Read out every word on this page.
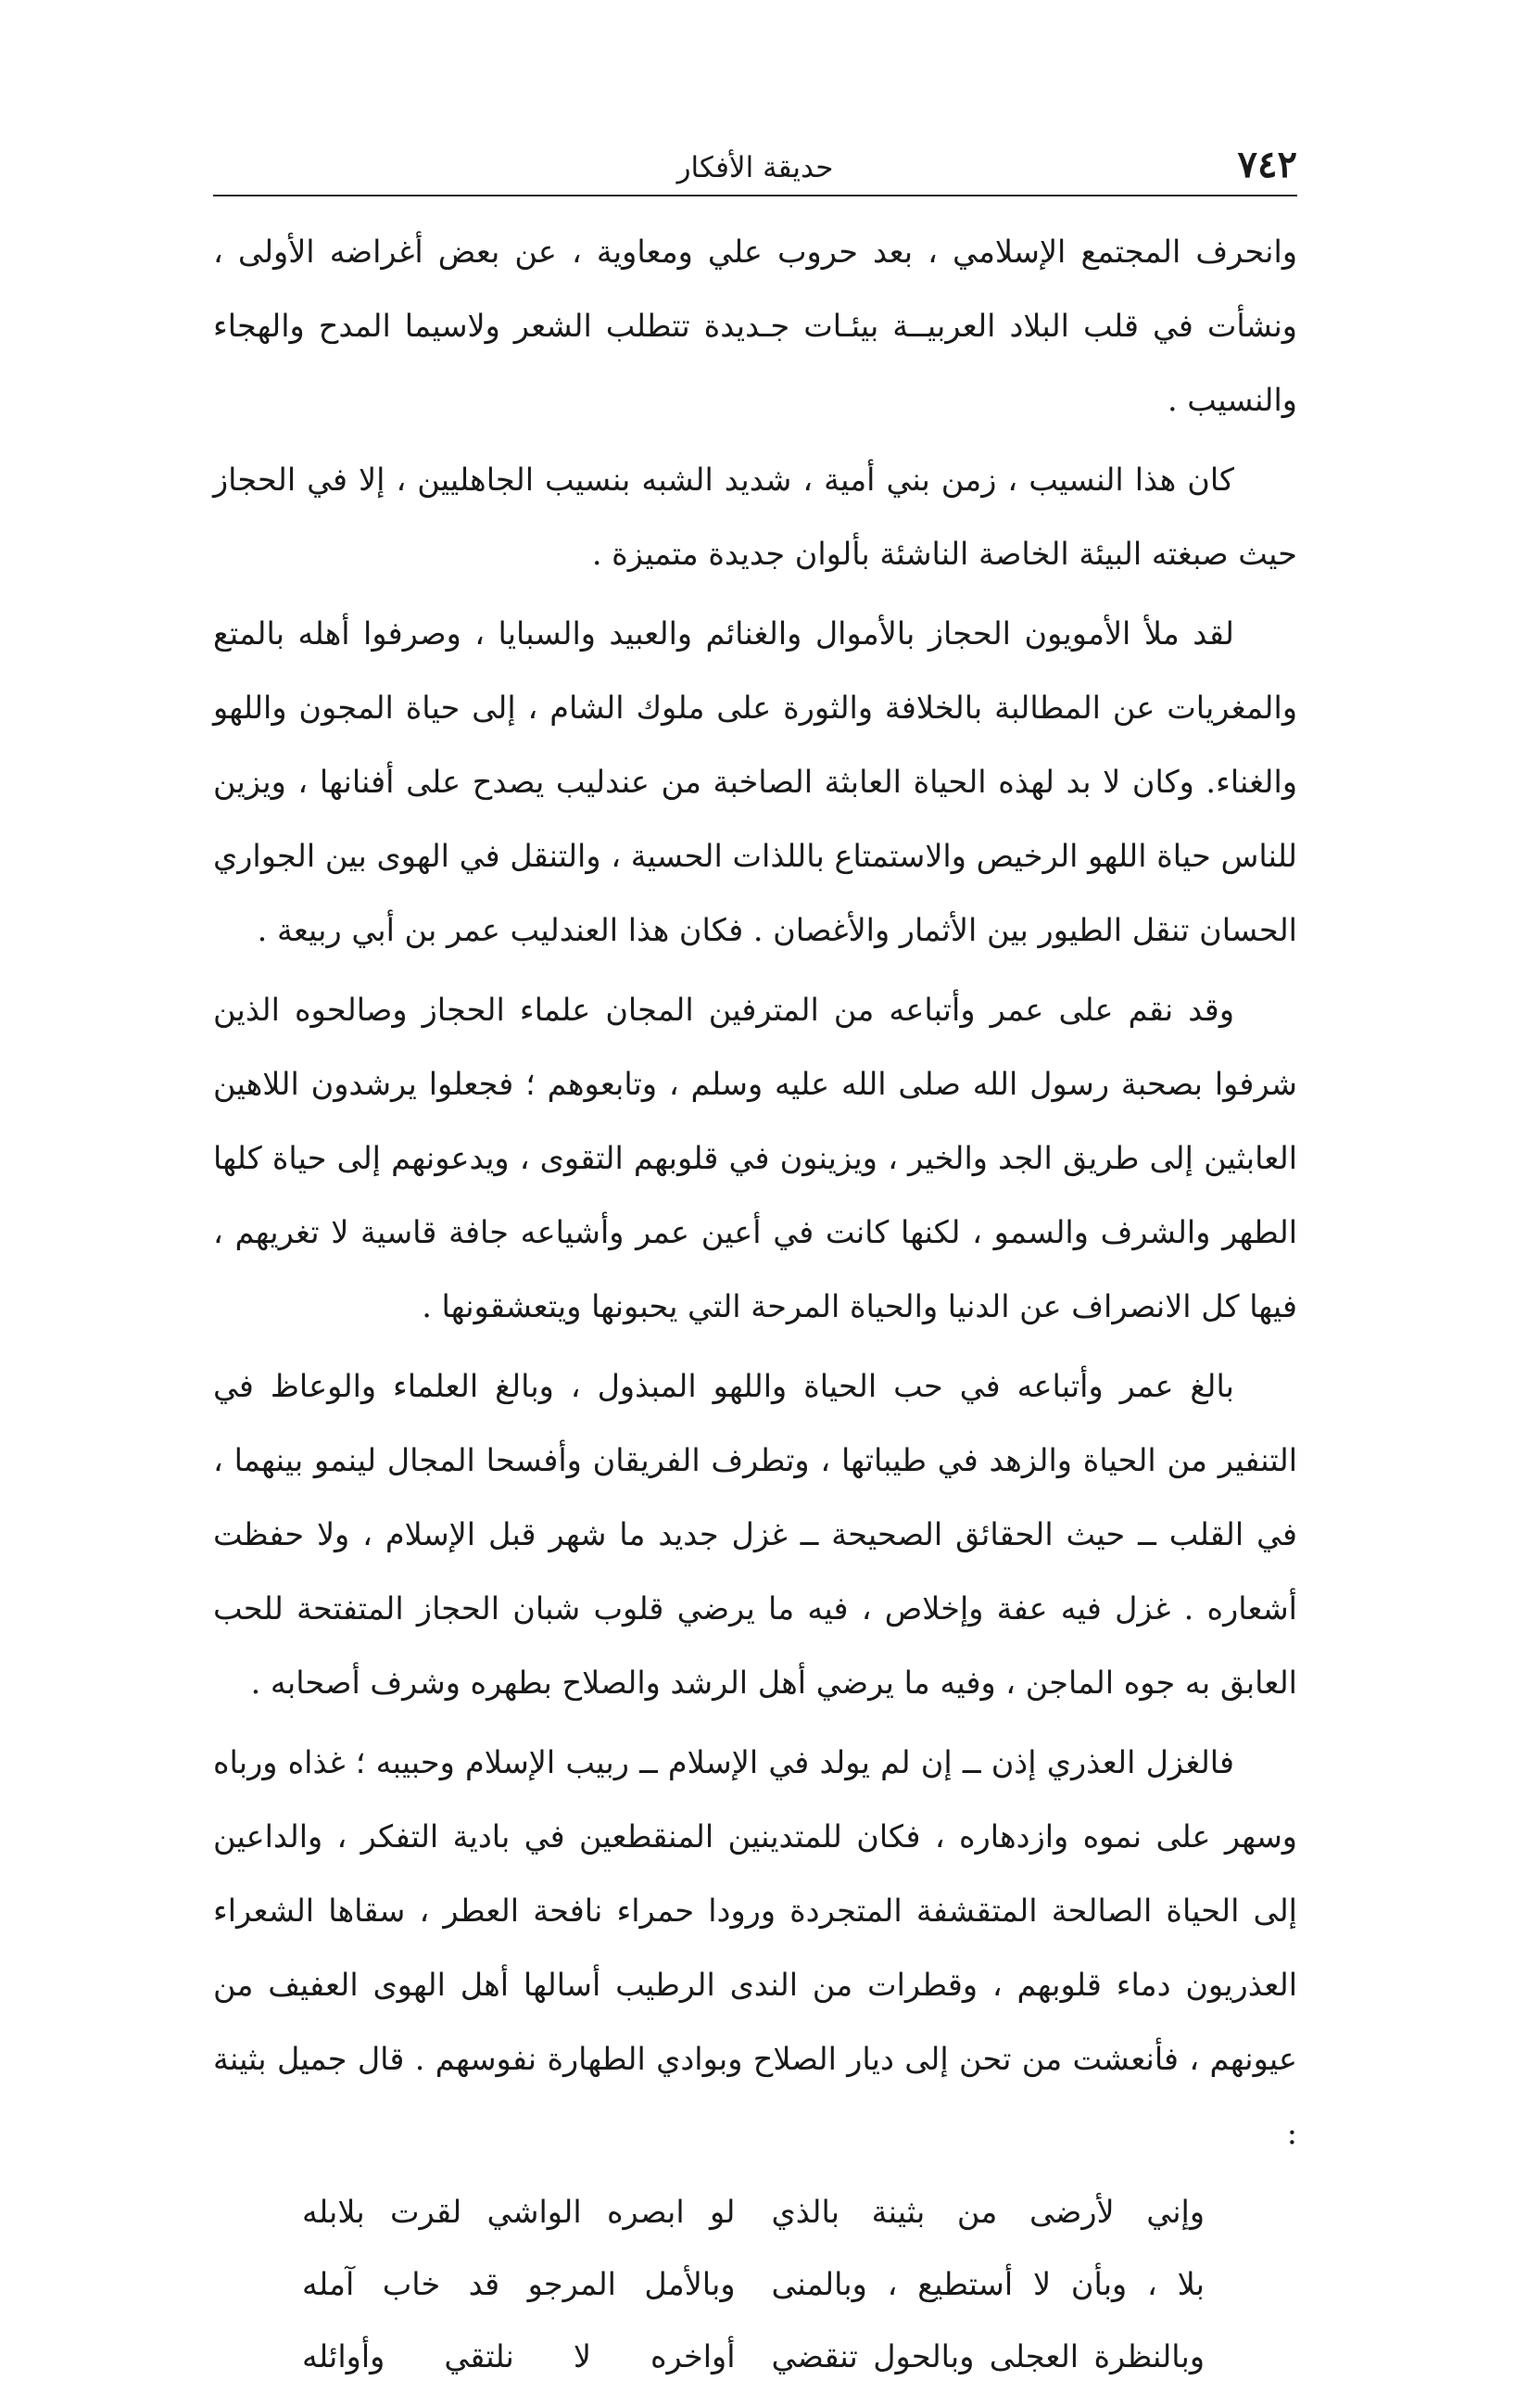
٧٤٢
حديقة الأفكار

وانحرف المجتمع الإسلامي ، بعد حروب علي ومعاوية ، عن بعض أغراضه الأولى ، ونشأت في قلب البلاد العربيــة بيئـات جـديدة تتطلب الشعر ولاسيما المدح والهجاء والنسيب .

كان هذا النسيب ، زمن بني أمية ، شديد الشبه بنسيب الجاهليين ، إلا في الحجاز حيث صبغته البيئة الخاصة الناشئة بألوان جديدة متميزة .

لقد ملأ الأمويون الحجاز بالأموال والغنائم والعبيد والسبايا ، وصرفوا أهله بالمتع والمغريات عن المطالبة بالخلافة والثورة على ملوك الشام ، إلى حياة المجون واللهو والغناء. وكان لا بد لهذه الحياة العابثة الصاخبة من عندليب يصدح على أفنانها ، ويزين للناس حياة اللهو الرخيص والاستمتاع باللذات الحسية ، والتنقل في الهوى بين الجواري الحسان تنقل الطيور بين الأثمار والأغصان . فكان هذا العندليب عمر بن أبي ربيعة .

وقد نقم على عمر وأتباعه من المترفين المجان علماء الحجاز وصالحوه الذين شرفوا بصحبة رسول الله صلى الله عليه وسلم ، وتابعوهم ؛ فجعلوا يرشدون اللاهين العابثين إلى طريق الجد والخير ، ويزينون في قلوبهم التقوى ، ويدعونهم إلى حياة كلها الطهر والشرف والسمو ، لكنها كانت في أعين عمر وأشياعه جافة قاسية لا تغريهم ، فيها كل الانصراف عن الدنيا والحياة المرحة التي يحبونها ويتعشقونها .

بالغ عمر وأتباعه في حب الحياة واللهو المبذول ، وبالغ العلماء والوعاظ في التنفير من الحياة والزهد في طيباتها ، وتطرف الفريقان وأفسحا المجال لينمو بينهما ، في القلب ــ حيث الحقائق الصحيحة ــ غزل جديد ما شهر قبل الإسلام ، ولا حفظت أشعاره . غزل فيه عفة وإخلاص ، فيه ما يرضي قلوب شبان الحجاز المتفتحة للحب العابق به جوه الماجن ، وفيه ما يرضي أهل الرشد والصلاح بطهره وشرف أصحابه .

فالغزل العذري إذن ــ إن لم يولد في الإسلام ــ ربيب الإسلام وحبيبه ؛ غذاه ورباه وسهر على نموه وازدهاره ، فكان للمتدينين المنقطعين في بادية التفكر ، والداعين إلى الحياة الصالحة المتقشفة المتجردة ورودا حمراء نافحة العطر ، سقاها الشعراء العذريون دماء قلوبهم ، وقطرات من الندى الرطيب أسالها أهل الهوى العفيف من عيونهم ، فأنعشت من تحن إلى ديار الصلاح وبوادي الطهارة نفوسهم . قال جميل بثينة :

وإني لأرضى من بثينة بالذي
لو ابصره الواشي لقرت بلابله
بلا ، وبأن لا أستطيع ، وبالمنى
وبالأمل المرجو قد خاب آمله
وبالنظرة العجلى وبالحول تنقضي
أواخره لا نلتقي وأوائله
